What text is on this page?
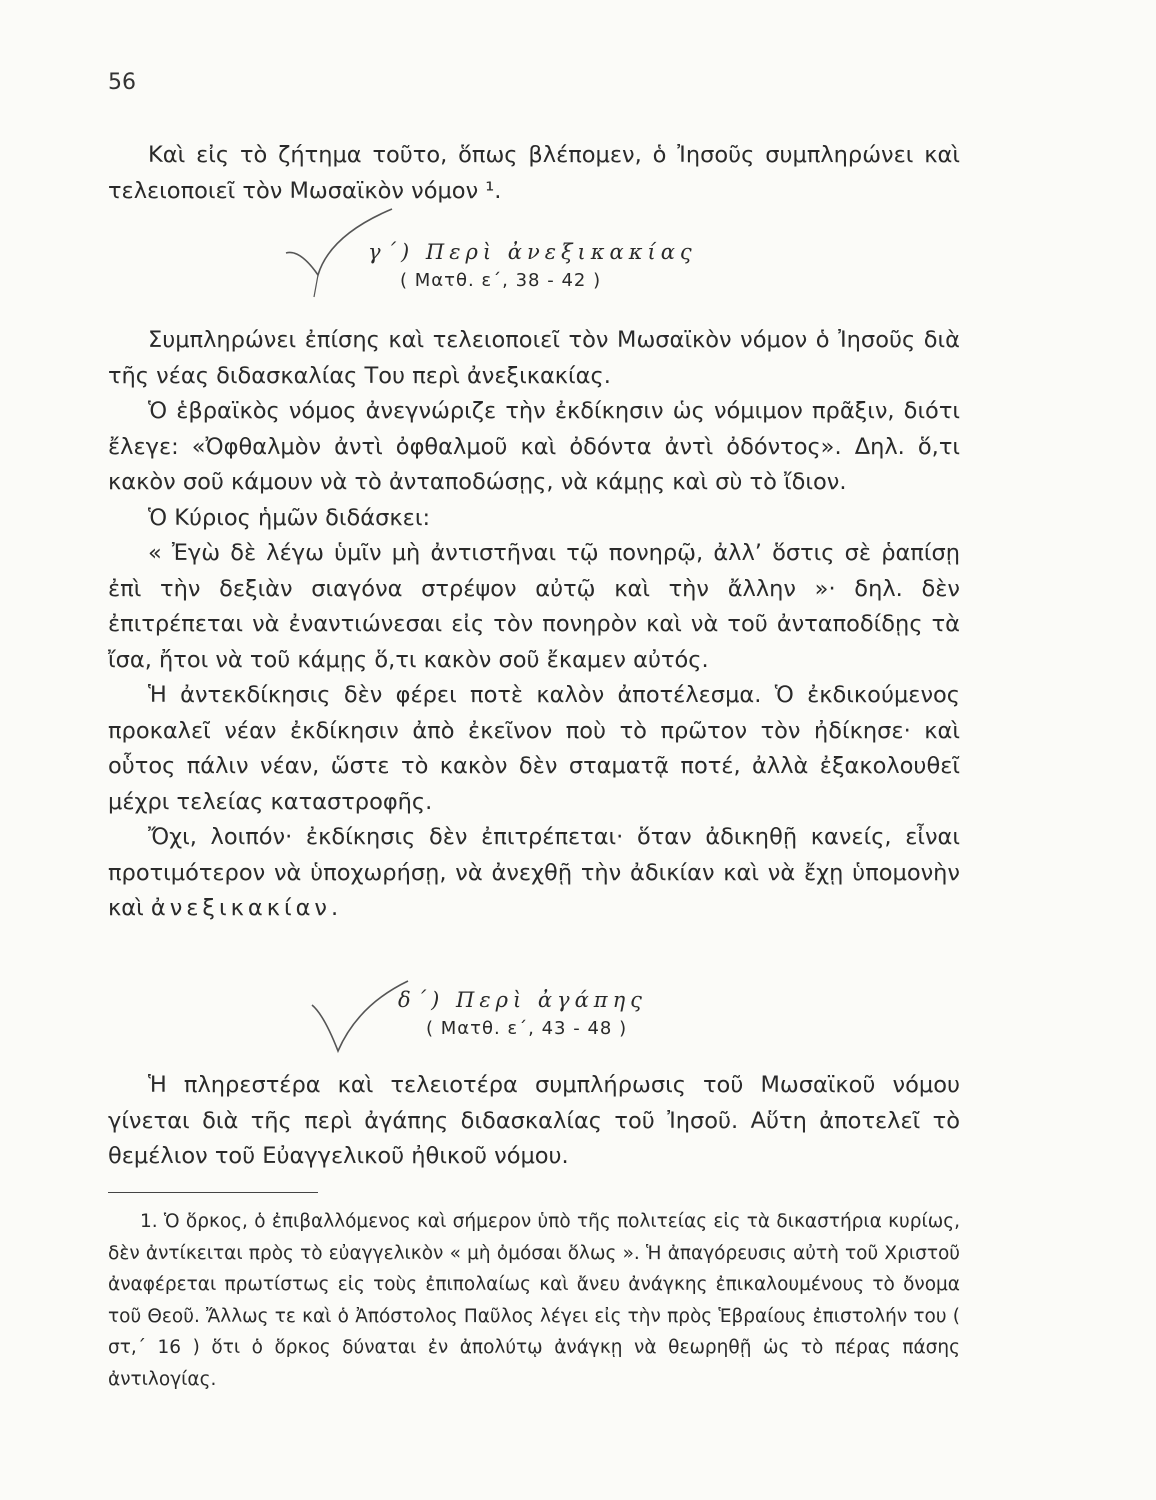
56

Καὶ εἰς τὸ ζήτημα τοῦτο, ὅπως βλέπομεν, ὁ Ἰησοῦς συμπληρώνει καὶ τελειοποιεῖ τὸν Μωσαϊκὸν νόμον ¹.

γ΄) Περὶ ἀνεξικακίας
( Ματθ. ε΄, 38 - 42 )

Συμπληρώνει ἐπίσης καὶ τελειοποιεῖ τὸν Μωσαϊκὸν νόμον ὁ Ἰησοῦς διὰ τῆς νέας διδασκαλίας Του περὶ ἀνεξικακίας.

Ὁ ἑβραϊκὸς νόμος ἀνεγνώριζε τὴν ἐκδίκησιν ὡς νόμιμον πρᾶξιν, διότι ἔλεγε: «Ὀφθαλμὸν ἀντὶ ὀφθαλμοῦ καὶ ὀδόντα ἀντὶ ὀδόντος». Δηλ. ὅ,τι κακὸν σοῦ κάμουν νὰ τὸ ἀνταποδώσῃς, νὰ κάμῃς καὶ σὺ τὸ ἴδιον.

Ὁ Κύριος ἡμῶν διδάσκει:

« Ἐγὼ δὲ λέγω ὑμῖν μὴ ἀντιστῆναι τῷ πονηρῷ, ἀλλ’ ὅστις σὲ ῥαπίσῃ ἐπὶ τὴν δεξιὰν σιαγόνα στρέψον αὐτῷ καὶ τὴν ἄλλην »· δηλ. δὲν ἐπιτρέπεται νὰ ἐναντιώνεσαι εἰς τὸν πονηρὸν καὶ νὰ τοῦ ἀνταποδίδῃς τὰ ἴσα, ἤτοι νὰ τοῦ κάμῃς ὅ,τι κακὸν σοῦ ἔκαμεν αὐτός.

Ἡ ἀντεκδίκησις δὲν φέρει ποτὲ καλὸν ἀποτέλεσμα. Ὁ ἐκδικούμενος προκαλεῖ νέαν ἐκδίκησιν ἀπὸ ἐκεῖνον ποὺ τὸ πρῶτον τὸν ἠδίκησε· καὶ οὗτος πάλιν νέαν, ὥστε τὸ κακὸν δὲν σταματᾷ ποτέ, ἀλλὰ ἐξακολουθεῖ μέχρι τελείας καταστροφῆς.

Ὄχι, λοιπόν· ἐκδίκησις δὲν ἐπιτρέπεται· ὅταν ἀδικηθῇ κανείς, εἶναι προτιμότερον νὰ ὑποχωρήσῃ, νὰ ἀνεχθῇ τὴν ἀδικίαν καὶ νὰ ἔχῃ ὑπομονὴν καὶ ἀνεξικακίαν.

δ΄) Περὶ ἀγάπης
( Ματθ. ε΄, 43 - 48 )

Ἡ πληρεστέρα καὶ τελειοτέρα συμπλήρωσις τοῦ Μωσαϊκοῦ νόμου γίνεται διὰ τῆς περὶ ἀγάπης διδασκαλίας τοῦ Ἰησοῦ. Αὕτη ἀποτελεῖ τὸ θεμέλιον τοῦ Εὐαγγελικοῦ ἠθικοῦ νόμου.

1. Ὁ ὅρκος, ὁ ἐπιβαλλόμενος καὶ σήμερον ὑπὸ τῆς πολιτείας εἰς τὰ δικαστήρια κυρίως, δὲν ἀντίκειται πρὸς τὸ εὐαγγελικὸν « μὴ ὀμόσαι ὅλως ». Ἡ ἀπαγόρευσις αὐτὴ τοῦ Χριστοῦ ἀναφέρεται πρωτίστως εἰς τοὺς ἐπιπολαίως καὶ ἄνευ ἀνάγκης ἐπικαλουμένους τὸ ὄνομα τοῦ Θεοῦ. Ἄλλως τε καὶ ὁ Ἀπόστολος Παῦλος λέγει εἰς τὴν πρὸς Ἑβραίους ἐπιστολήν του ( στ,΄ 16 ) ὅτι ὁ ὅρκος δύναται ἐν ἀπολύτῳ ἀνάγκῃ νὰ θεωρηθῇ ὡς τὸ πέρας πάσης ἀντιλογίας.
